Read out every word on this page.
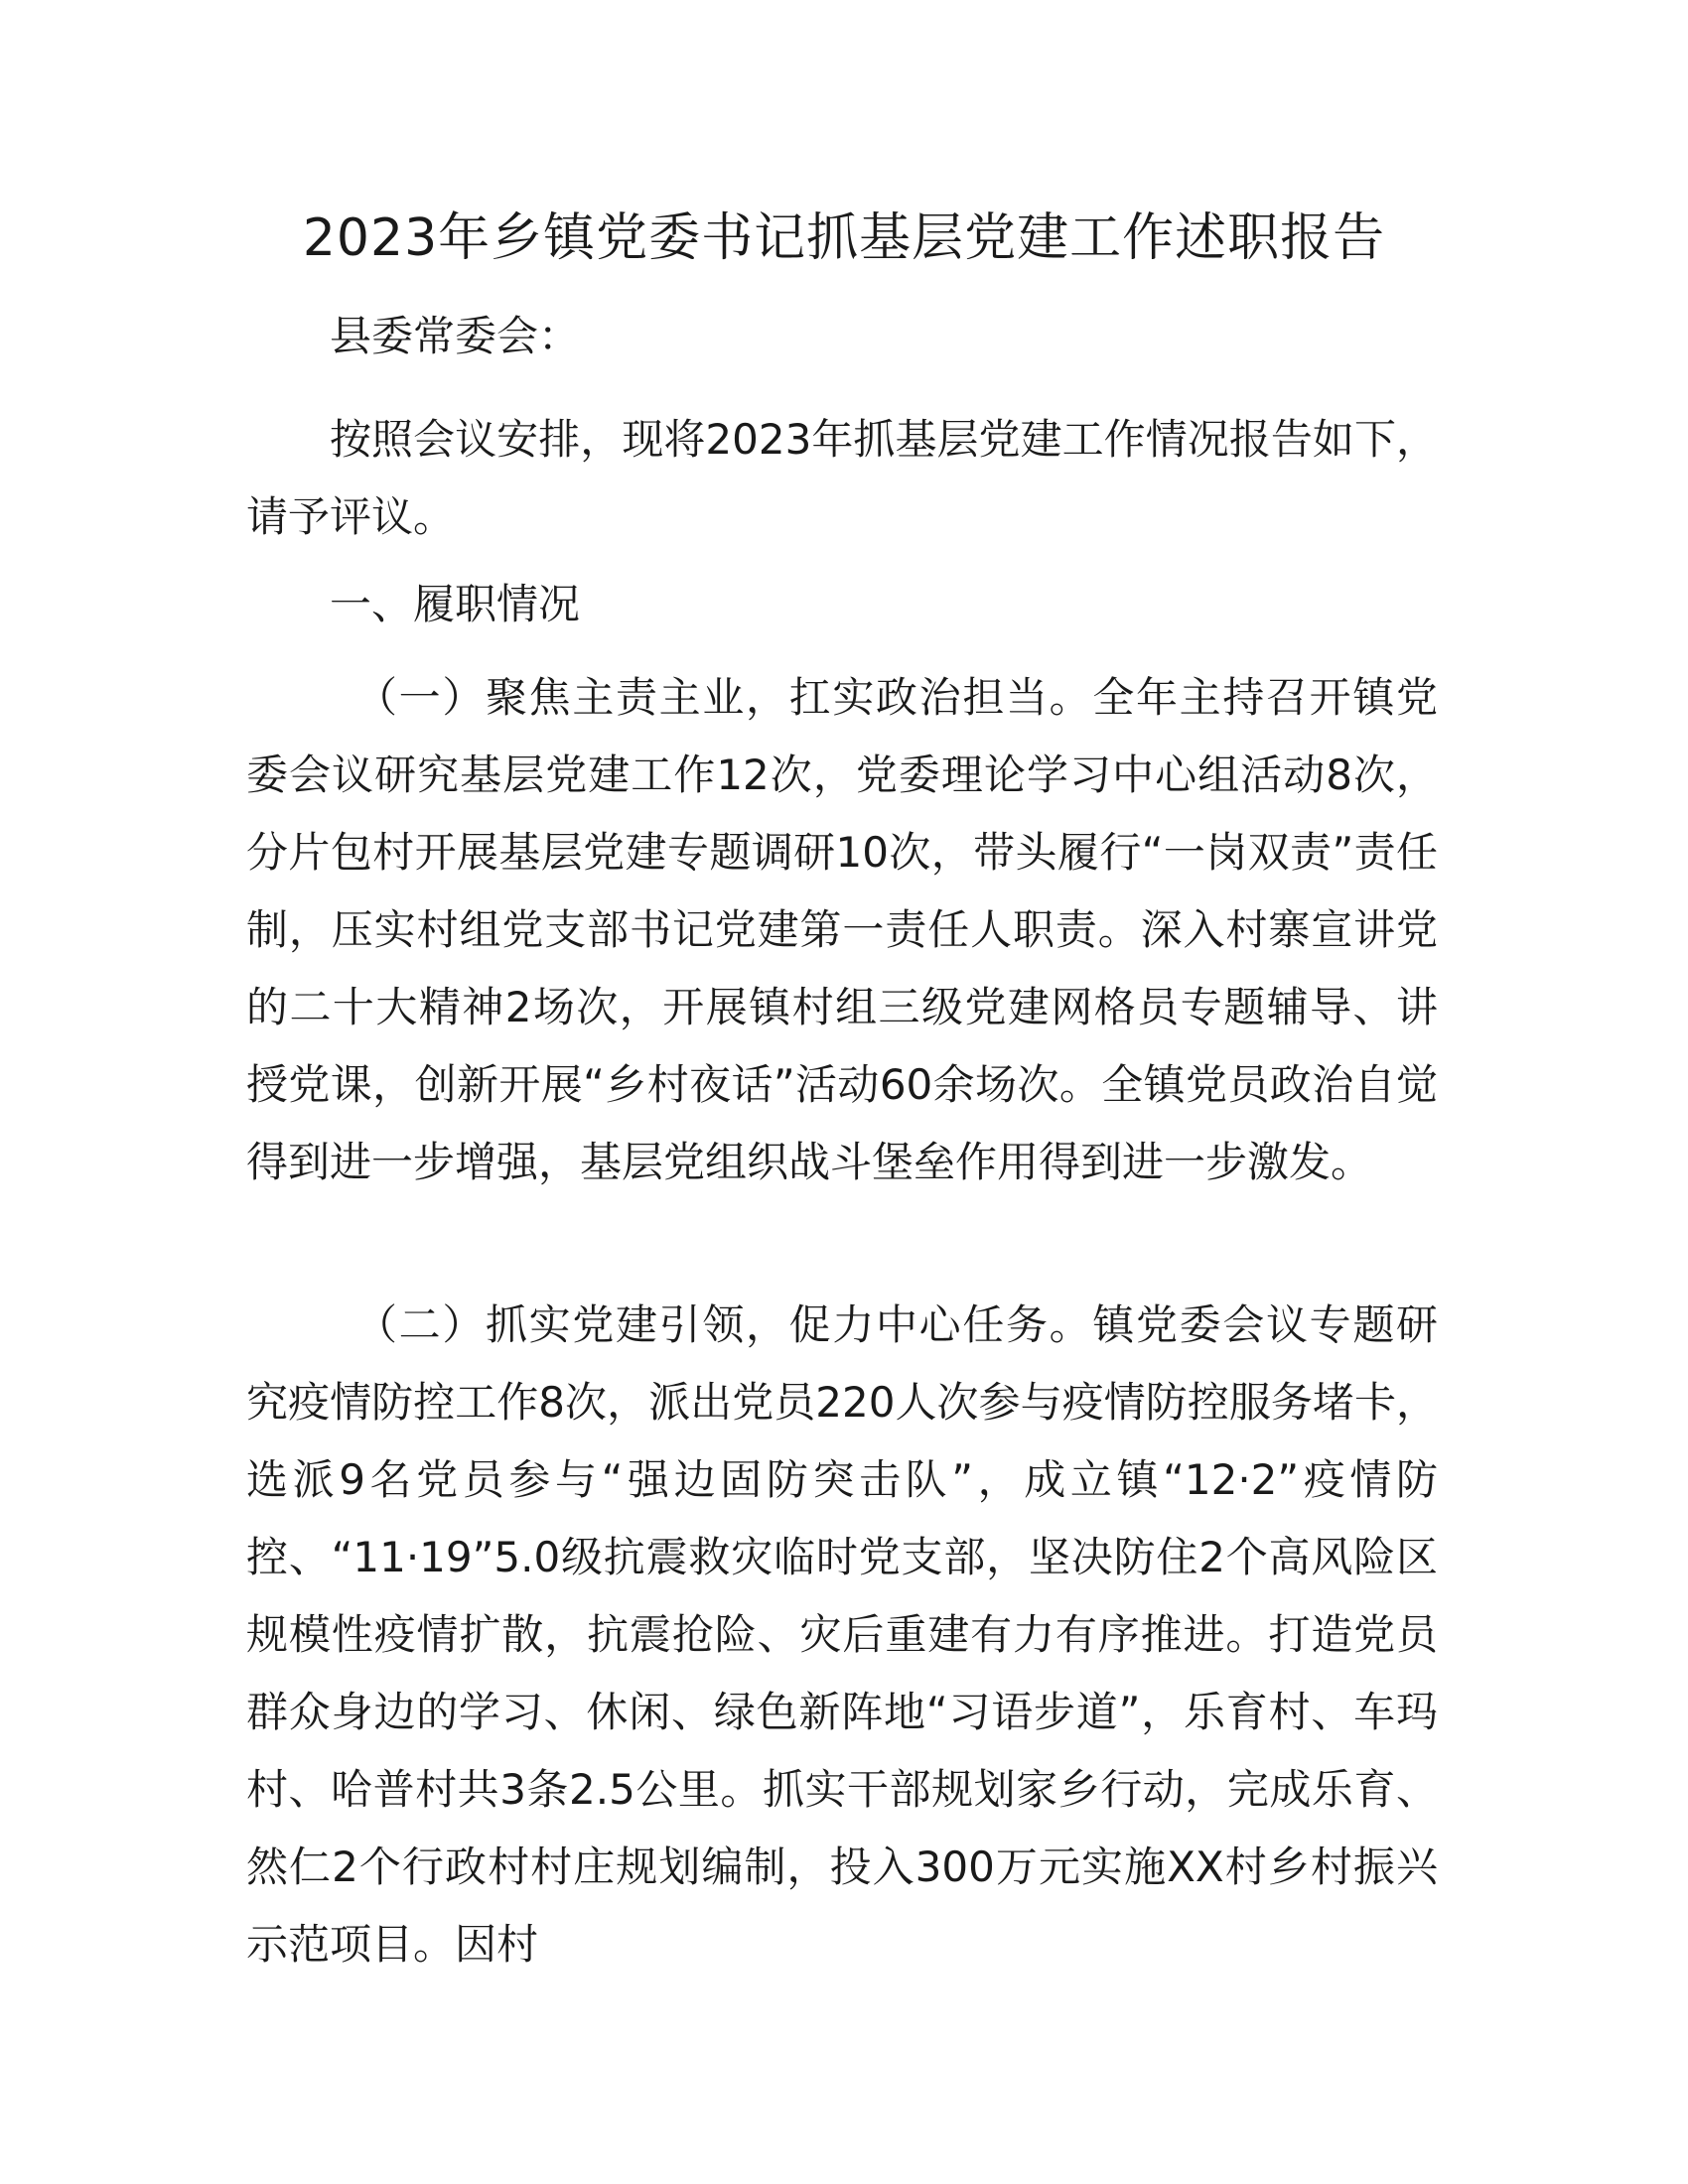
2023年乡镇党委书记抓基层党建工作述职报告

县委常委会：

按照会议安排，现将2023年抓基层党建工作情况报告如下，请予评议。

一、履职情况

（一）聚焦主责主业，扛实政治担当。全年主持召开镇党委会议研究基层党建工作12次，党委理论学习中心组活动8次，分片包村开展基层党建专题调研10次，带头履行“一岗双责”责任制，压实村组党支部书记党建第一责任人职责。深入村寨宣讲党的二十大精神2场次，开展镇村组三级党建网格员专题辅导、讲授党课，创新开展“乡村夜话”活动60余场次。全镇党员政治自觉得到进一步增强，基层党组织战斗堡垒作用得到进一步激发。

（二）抓实党建引领，促力中心任务。镇党委会议专题研究疫情防控工作8次，派出党员220人次参与疫情防控服务堵卡，选派9名党员参与“强边固防突击队”，成立镇“12·2”疫情防控、“11·19”5.0级抗震救灾临时党支部，坚决防住2个高风险区规模性疫情扩散，抗震抢险、灾后重建有力有序推进。打造党员群众身边的学习、休闲、绿色新阵地“习语步道”，乐育村、车玛村、哈普村共3条2.5公里。抓实干部规划家乡行动，完成乐育、然仁2个行政村村庄规划编制，投入300万元实施XX村乡村振兴示范项目。因村
